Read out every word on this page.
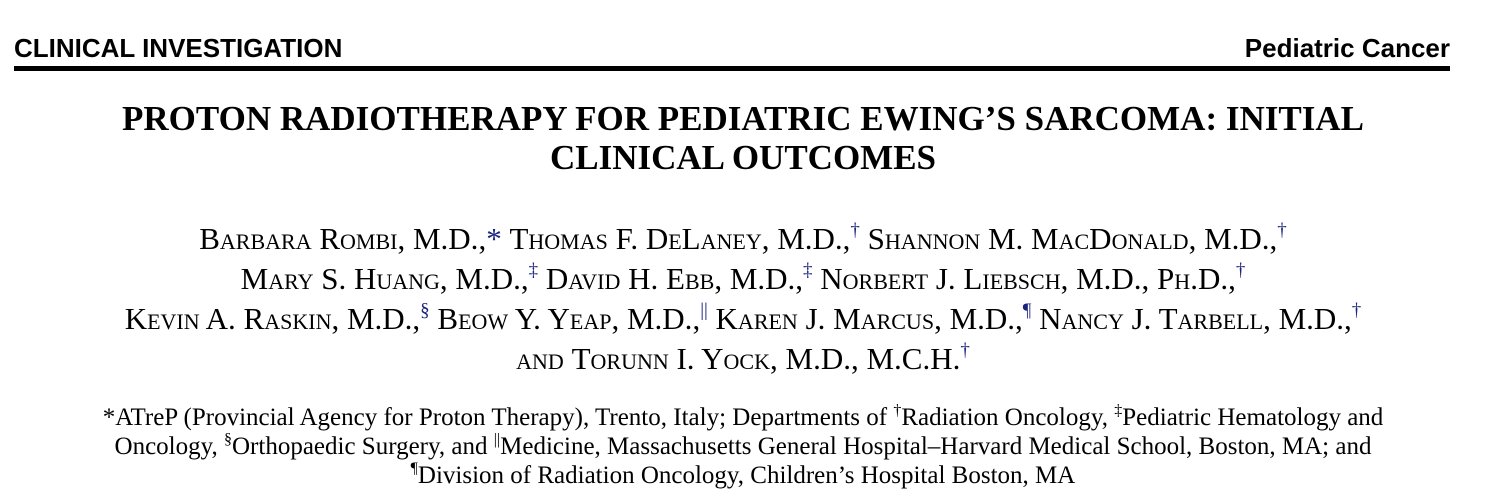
CLINICAL INVESTIGATION	Pediatric Cancer
PROTON RADIOTHERAPY FOR PEDIATRIC EWING’S SARCOMA: INITIAL
CLINICAL OUTCOMES
Barbara Rombi, M.D.,* Thomas F. DeLaney, M.D.,† Shannon M. MacDonald, M.D.,†
Mary S. Huang, M.D.,‡ David H. Ebb, M.D.,‡ Norbert J. Liebsch, M.D., Ph.D.,†
Kevin A. Raskin, M.D.,§ Beow Y. Yeap, M.D.,|| Karen J. Marcus, M.D.,¶ Nancy J. Tarbell, M.D.,†
and Torunn I. Yock, M.D., M.C.H.†
*ATreP (Provincial Agency for Proton Therapy), Trento, Italy; Departments of †Radiation Oncology, ‡Pediatric Hematology and
Oncology, §Orthopaedic Surgery, and ||Medicine, Massachusetts General Hospital–Harvard Medical School, Boston, MA; and
¶Division of Radiation Oncology, Children’s Hospital Boston, MA
